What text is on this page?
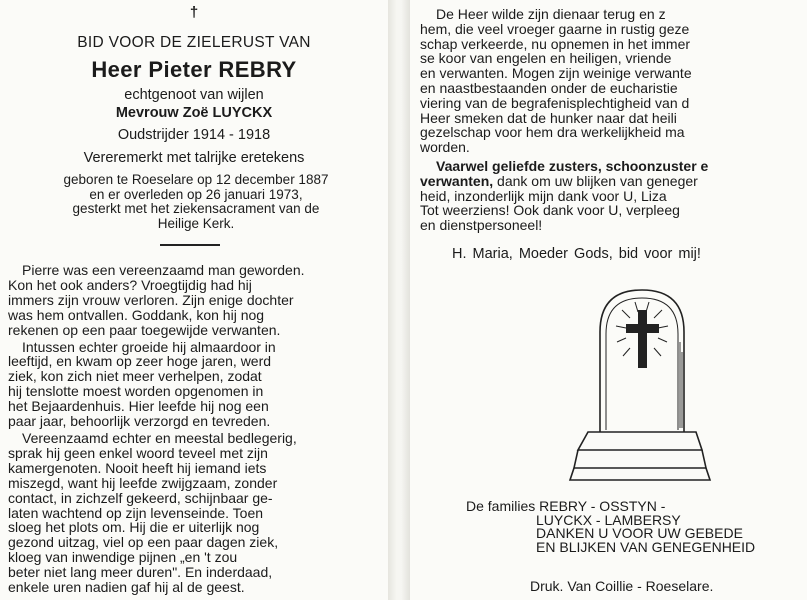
†
BID VOOR DE ZIELERUST VAN
Heer Pieter REBRY
echtgenoot van wijlen
Mevrouw Zoë LUYCKX
Oudstrijder 1914 - 1918
Vereremerkt met talrijke eretekens
geboren te Roeselare op 12 december 1887
en er overleden op 26 januari 1973,
gesterkt met het ziekensacrament van de
Heilige Kerk.

Pierre was een vereenzaamd man geworden.
Kon het ook anders? Vroegtijdig had hij
immers zijn vrouw verloren. Zijn enige dochter
was hem ontvallen. Goddank, kon hij nog
rekenen op een paar toegewijde verwanten.

Intussen echter groeide hij almaardoor in
leeftijd, en kwam op zeer hoge jaren, werd
ziek, kon zich niet meer verhelpen, zodat
hij tenslotte moest worden opgenomen in
het Bejaardenhuis. Hier leefde hij nog een
paar jaar, behoorlijk verzorgd en tevreden.

Vereenzaamd echter en meestal bedlegerig,
sprak hij geen enkel woord teveel met zijn
kamergenoten. Nooit heeft hij iemand iets
miszegd, want hij leefde zwijgzaam, zonder
contact, in zichzelf gekeerd, schijnbaar ge-
laten wachtend op zijn levenseinde. Toen
sloeg het plots om. Hij die er uiterlijk nog
gezond uitzag, viel op een paar dagen ziek,
kloeg van inwendige pijnen „en 't zou
beter niet lang meer duren". En inderdaad,
enkele uren nadien gaf hij al de geest.

De Heer wilde zijn dienaar terug en z
hem, die veel vroeger gaarne in rustig geze
schap verkeerde, nu opnemen in het immer
se koor van engelen en heiligen, vriende
en verwanten. Mogen zijn weinige verwante
en naastbestaanden onder de eucharistie
viering van de begrafenisplechtigheid van d
Heer smeken dat de hunker naar dat heili
gezelschap voor hem dra werkelijkheid ma
worden.

Vaarwel geliefde zusters, schoonzuster e
verwanten, dank om uw blijken van geneger
heid, inzonderlijk mijn dank voor U, Liza
Tot weerziens! Ook dank voor U, verpleeg
en dienstpersoneel!

H. Maria, Moeder Gods, bid voor mij!
De families REBRY - OSSTYN -
LUYCKX - LAMBERSY
DANKEN U VOOR UW GEBEDE
EN BLIJKEN VAN GENEGENHEID
Druk. Van Coillie - Roeselare.
